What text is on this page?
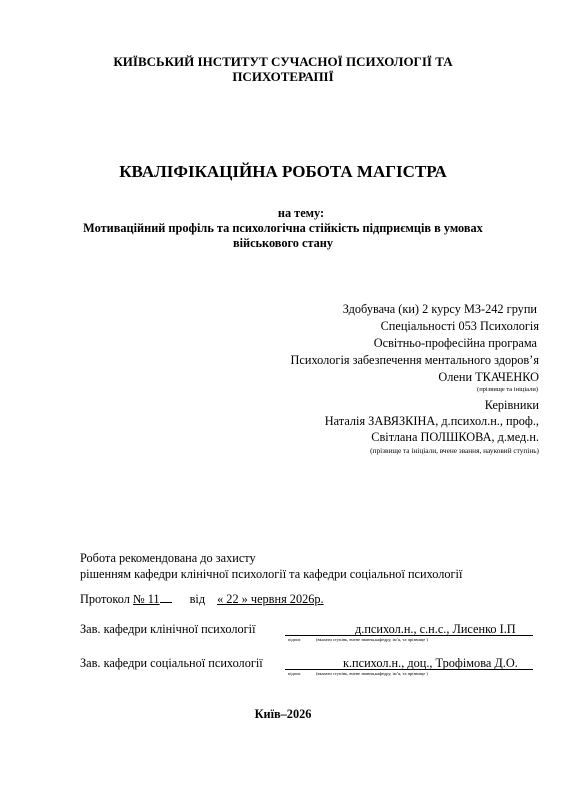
КИЇВСЬКИЙ ІНСТИТУТ СУЧАСНОЇ ПСИХОЛОГІЇ ТА
ПСИХОТЕРАПІЇ
КВАЛІФІКАЦІЙНА РОБОТА МАГІСТРА
на тему:
Мотиваційний профіль та психологічна стійкість підприємців в умовах
військового стану
Здобувача (ки) 2 курсу МЗ-242 групи
Спеціальності 053 Психологія
Освітньо-професійна програма
Психологія забезпечення ментального здоров’я
Олени ТКАЧЕНКО
(прізвище та ініціали)
Керівники
Наталія ЗАВЯЗКІНА, д.психол.н., проф.,
Світлана ПОЛШКОВА, д.мед.н.
(прізвище та ініціали, вчене звання, науковий ступінь)
Робота рекомендована до захисту
рішенням кафедри клінічної психології та кафедри соціальної психології
Протокол № 11 від « 22 » червня 2026р.
Зав. кафедри клінічної психології	д.психол.н., с.н.с., Лисенко І.П
підпис	(вказати ступінь, вчене звання,кафедру, ім’я, та прізвище )
Зав. кафедри соціальної психології	к.психол.н., доц., Трофімова Д.О.
підпис	(вказати ступінь, вчене звання,кафедру, ім’я, та прізвище )
Київ–2026
